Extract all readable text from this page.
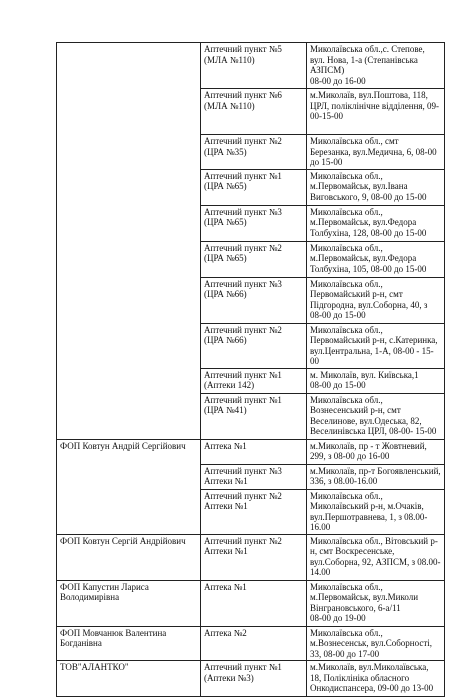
	Аптечний пункт №5
(МЛА №110)	Миколаївська обл.,с. Степове, вул. Нова, 1-а (Степанівська АЗПСМ)
08-00 до 16-00

	Аптечний пункт №6
(МЛА №110)	м.Миколаїв, вул.Поштова, 118, ЦРЛ, поліклінічне відділення, 09-00-15-00

	Аптечний пункт №2
(ЦРА №35)	Миколаївська обл., смт Березанка, вул.Медична, 6, 08-00 до 15-00

	Аптечний пункт №1
(ЦРА №65)	Миколаївська обл.,
м.Первомайськ, вул.Івана Виговського, 9, 08-00 до 15-00

	Аптечний пункт №3
(ЦРА №65)	Миколаївська обл.,
м.Первомайськ, вул.Федора Толбухіна, 128, 08-00 до 15-00

	Аптечний пункт №2
(ЦРА №65)	Миколаївська обл.,
м.Первомайськ, вул.Федора Толбухіна, 105, 08-00 до 15-00

	Аптечний пункт №3
(ЦРА №66)	Миколаївська обл.,
Первомайський р-н, смт Підгородна, вул.Соборна, 40, з 08-00 до 15-00

	Аптечний пункт №2
(ЦРА №66)	Миколаївська обл.,
Первомайський р-н, с.Катеринка, вул.Центральна, 1-А, 08-00 - 15-00

	Аптечний пункт №1
(Аптеки 142)	м. Миколаїв, вул. Київська,1
08-00 до 15-00

	Аптечний пункт №1
(ЦРА №41)	Миколаївська обл., Вознесенський р-н, смт Веселинове, вул.Одеська, 82, Веселинівська ЦРЛ, 08-00- 15-00

ФОП Ковтун Андрій Сергійович	Аптека №1	м.Миколаїв, пр - т Жовтневий, 299, з 08-00 до 16-00

	Аптечний пункт №3
Аптеки №1	м.Миколаїв, пр-т Богоявленський, 336, з 08.00-16.00

	Аптечний пункт №2
Аптеки №1	Миколаївська обл., Миколаївський р-н, м.Очаків, вул.Першотравнева, 1, з 08.00-16.00

ФОП Ковтун Сергій Андрійович	Аптечний пункт №2
Аптеки №1	Миколаївська обл., Вітовський р-н, смт Воскресенське, вул.Соборна, 92, АЗПСМ, з 08.00-14.00

ФОП Капустин Лариса Володимирівна	Аптека №1	Миколаївська обл.,
м.Первомайськ, вул.Миколи Вінграновського, 6-а/11
08-00 до 19-00

ФОП Мовчанюк Валентина Богданівна	Аптека №2	Миколаївська обл., м.Вознесенськ, вул.Соборності, 33, 08-00 до 17-00

ТОВ"АЛАНТКО"	Аптечний пункт №1
(Аптеки №3)	м.Миколаїв, вул.Миколаївська, 18, Поліклініка обласного Онкодиспансера, 09-00 до 13-00
